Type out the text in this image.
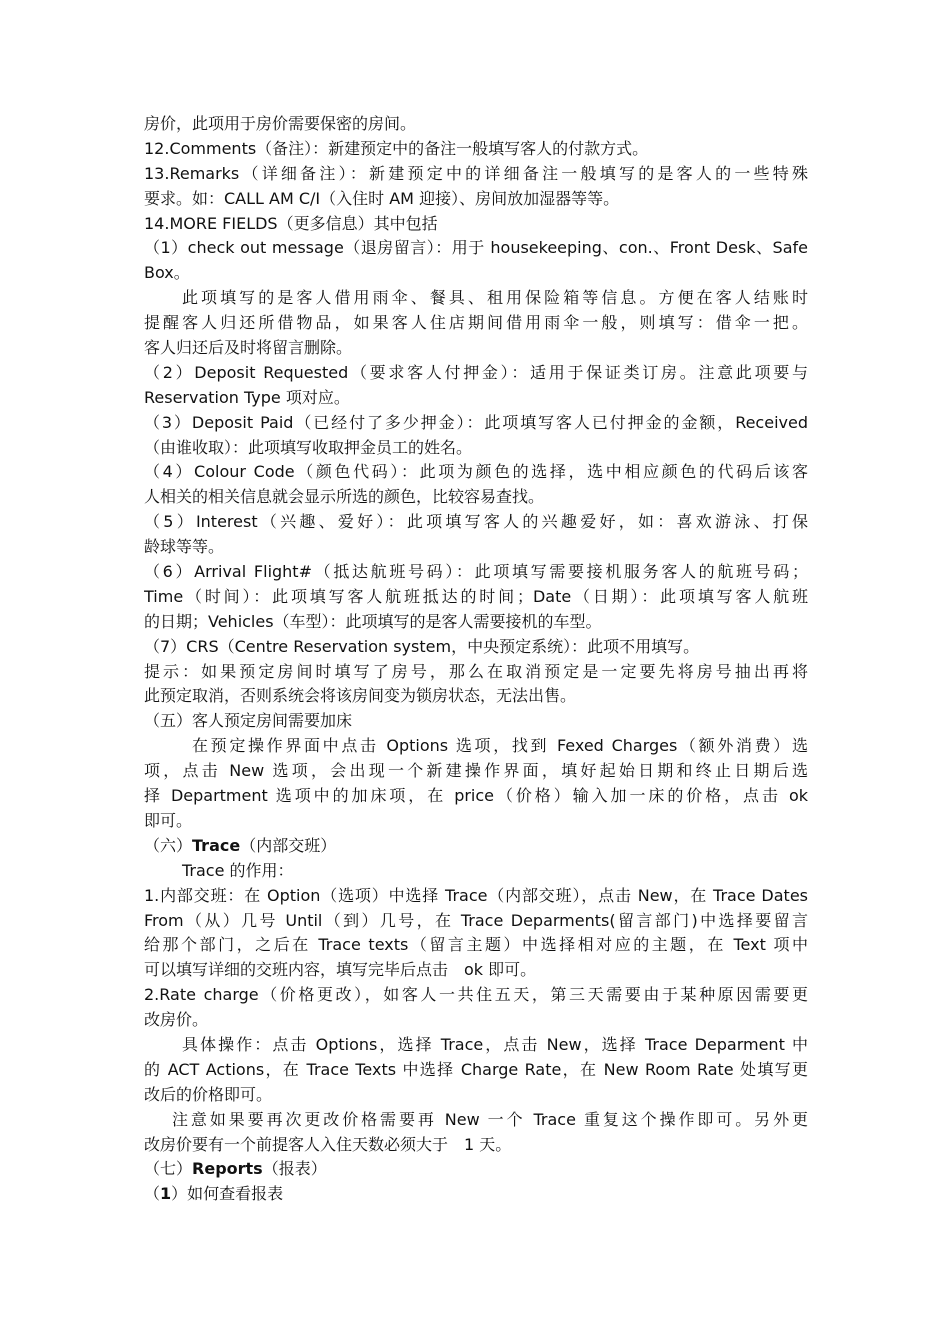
房价，此项用于房价需要保密的房间。
12.Comments（备注）：新建预定中的备注一般填写客人的付款方式。
13.Remarks（详细备注）：新建预定中的详细备注一般填写的是客人的一些特殊
要求。如：CALL AM C/I（入住时 AM 迎接）、房间放加湿器等等。
14.MORE FIELDS（更多信息）其中包括
（1）check out message（退房留言）：用于 housekeeping、con.、Front Desk、Safe
Box。
此项填写的是客人借用雨伞、餐具、租用保险箱等信息。方便在客人结账时
提醒客人归还所借物品，如果客人住店期间借用雨伞一般，则填写：借伞一把。
客人归还后及时将留言删除。
（2）Deposit Requested（要求客人付押金）：适用于保证类订房。注意此项要与
Reservation Type 项对应。
（3）Deposit Paid（已经付了多少押金）：此项填写客人已付押金的金额，Received
（由谁收取）：此项填写收取押金员工的姓名。
（4）Colour Code（颜色代码）：此项为颜色的选择，选中相应颜色的代码后该客
人相关的相关信息就会显示所选的颜色，比较容易查找。
（5）Interest（兴趣、爱好）：此项填写客人的兴趣爱好，如：喜欢游泳、打保
龄球等等。
（6）Arrival Flight#（抵达航班号码）：此项填写需要接机服务客人的航班号码；
Time（时间）：此项填写客人航班抵达的时间；Date（日期）：此项填写客人航班
的日期；Vehicles（车型）：此项填写的是客人需要接机的车型。
（7）CRS（Centre Reservation system，中央预定系统）：此项不用填写。
提示：如果预定房间时填写了房号，那么在取消预定是一定要先将房号抽出再将
此预定取消，否则系统会将该房间变为锁房状态，无法出售。
（五）客人预定房间需要加床
在预定操作界面中点击 Options 选项，找到 Fexed Charges（额外消费）选
项，点击 New 选项，会出现一个新建操作界面，填好起始日期和终止日期后选
择 Department 选项中的加床项，在 price（价格）输入加一床的价格，点击 ok
即可。
（六）Trace（内部交班）
Trace 的作用：
1.内部交班：在 Option（选项）中选择 Trace（内部交班），点击 New，在 Trace Dates
From（从）几号 Until（到）几号，在 Trace Deparments(留言部门)中选择要留言
给那个部门，之后在 Trace texts（留言主题）中选择相对应的主题，在 Text 项中
可以填写详细的交班内容，填写完毕后点击　ok 即可。
2.Rate charge（价格更改），如客人一共住五天，第三天需要由于某种原因需要更
改房价。
具体操作：点击 Options，选择 Trace，点击 New，选择 Trace Deparment 中
的 ACT Actions，在 Trace Texts 中选择 Charge Rate，在 New Room Rate 处填写更
改后的价格即可。
注意如果要再次更改价格需要再 New 一个 Trace 重复这个操作即可。另外更
改房价要有一个前提客人入住天数必须大于　1 天。
（七）Reports（报表）
（1）如何查看报表
